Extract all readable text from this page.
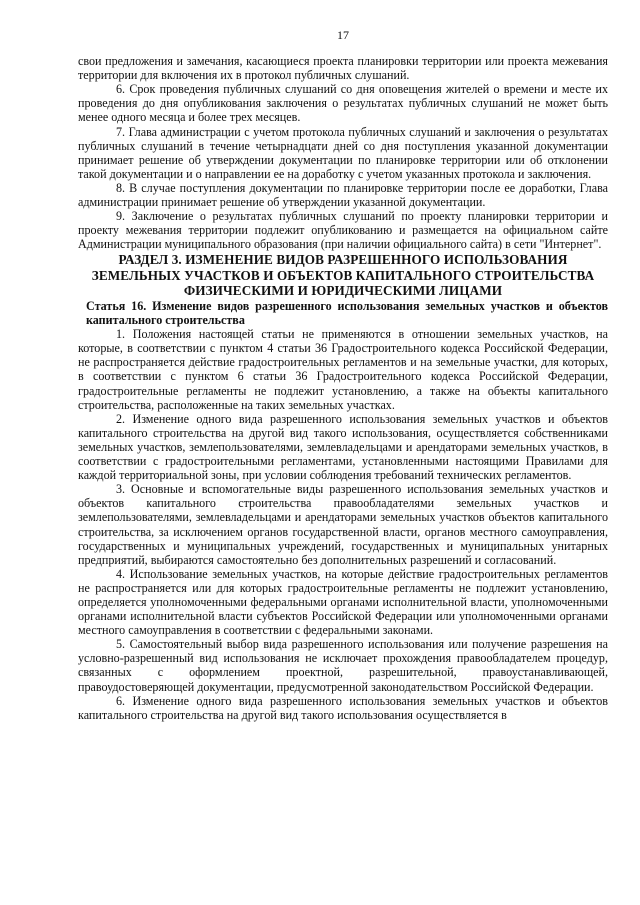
17

свои предложения и замечания, касающиеся проекта планировки территории или проекта межевания территории для включения их в протокол публичных слушаний.

6. Срок проведения публичных слушаний со дня оповещения жителей о времени и месте их проведения до дня опубликования заключения о результатах публичных слушаний не может быть менее одного месяца и более трех месяцев.

7. Глава администрации с учетом протокола публичных слушаний и заключения о результатах публичных слушаний в течение четырнадцати дней со дня поступления указанной документации принимает решение об утверждении документации по планировке территории или об отклонении такой документации и о направлении ее на доработку с учетом указанных протокола и заключения.

8. В случае поступления документации по планировке территории после ее доработки, Глава администрации принимает решение об утверждении указанной документации.

9. Заключение о результатах публичных слушаний по проекту планировки территории и проекту межевания территории подлежит опубликованию и размещается на официальном сайте Администрации муниципального образования (при наличии официального сайта) в сети "Интернет".

РАЗДЕЛ 3. ИЗМЕНЕНИЕ ВИДОВ РАЗРЕШЕННОГО ИСПОЛЬЗОВАНИЯ
ЗЕМЕЛЬНЫХ УЧАСТКОВ И ОБЪЕКТОВ КАПИТАЛЬНОГО СТРОИТЕЛЬСТВА
ФИЗИЧЕСКИМИ И ЮРИДИЧЕСКИМИ ЛИЦАМИ

Статья 16. Изменение видов разрешенного использования земельных участков и объектов капитального строительства

1. Положения настоящей статьи не применяются в отношении земельных участков, на которые, в соответствии с пунктом 4 статьи 36 Градостроительного кодекса Российской Федерации, не распространяется действие градостроительных регламентов и на земельные участки, для которых, в соответствии с пунктом 6 статьи 36 Градостроительного кодекса Российской Федерации, градостроительные регламенты не подлежит установлению, а также на объекты капитального строительства, расположенные на таких земельных участках.

2. Изменение одного вида разрешенного использования земельных участков и объектов капитального строительства на другой вид такого использования, осуществляется собственниками земельных участков, землепользователями, землевладельцами и арендаторами земельных участков, в соответствии с градостроительными регламентами, установленными настоящими Правилами для каждой территориальной зоны, при условии соблюдения требований технических регламентов.

3. Основные и вспомогательные виды разрешенного использования земельных участков и объектов капитального строительства правообладателями земельных участков и землепользователями, землевладельцами и арендаторами земельных участков объектов капитального строительства, за исключением органов государственной власти, органов местного самоуправления, государственных и муниципальных учреждений, государственных и муниципальных унитарных предприятий, выбираются самостоятельно без дополнительных разрешений и согласований.

4. Использование земельных участков, на которые действие градостроительных регламентов не распространяется или для которых градостроительные регламенты не подлежит установлению, определяется уполномоченными федеральными органами исполнительной власти, уполномоченными органами исполнительной власти субъектов Российской Федерации или уполномоченными органами местного самоуправления в соответствии с федеральными законами.

5. Самостоятельный выбор вида разрешенного использования или получение разрешения на условно-разрешенный вид использования не исключает прохождения правообладателем процедур, связанных с оформлением проектной, разрешительной, правоустанавливающей, правоудостоверяющей документации, предусмотренной законодательством Российской Федерации.

6. Изменение одного вида разрешенного использования земельных участков и объектов капитального строительства на другой вид такого использования осуществляется в
